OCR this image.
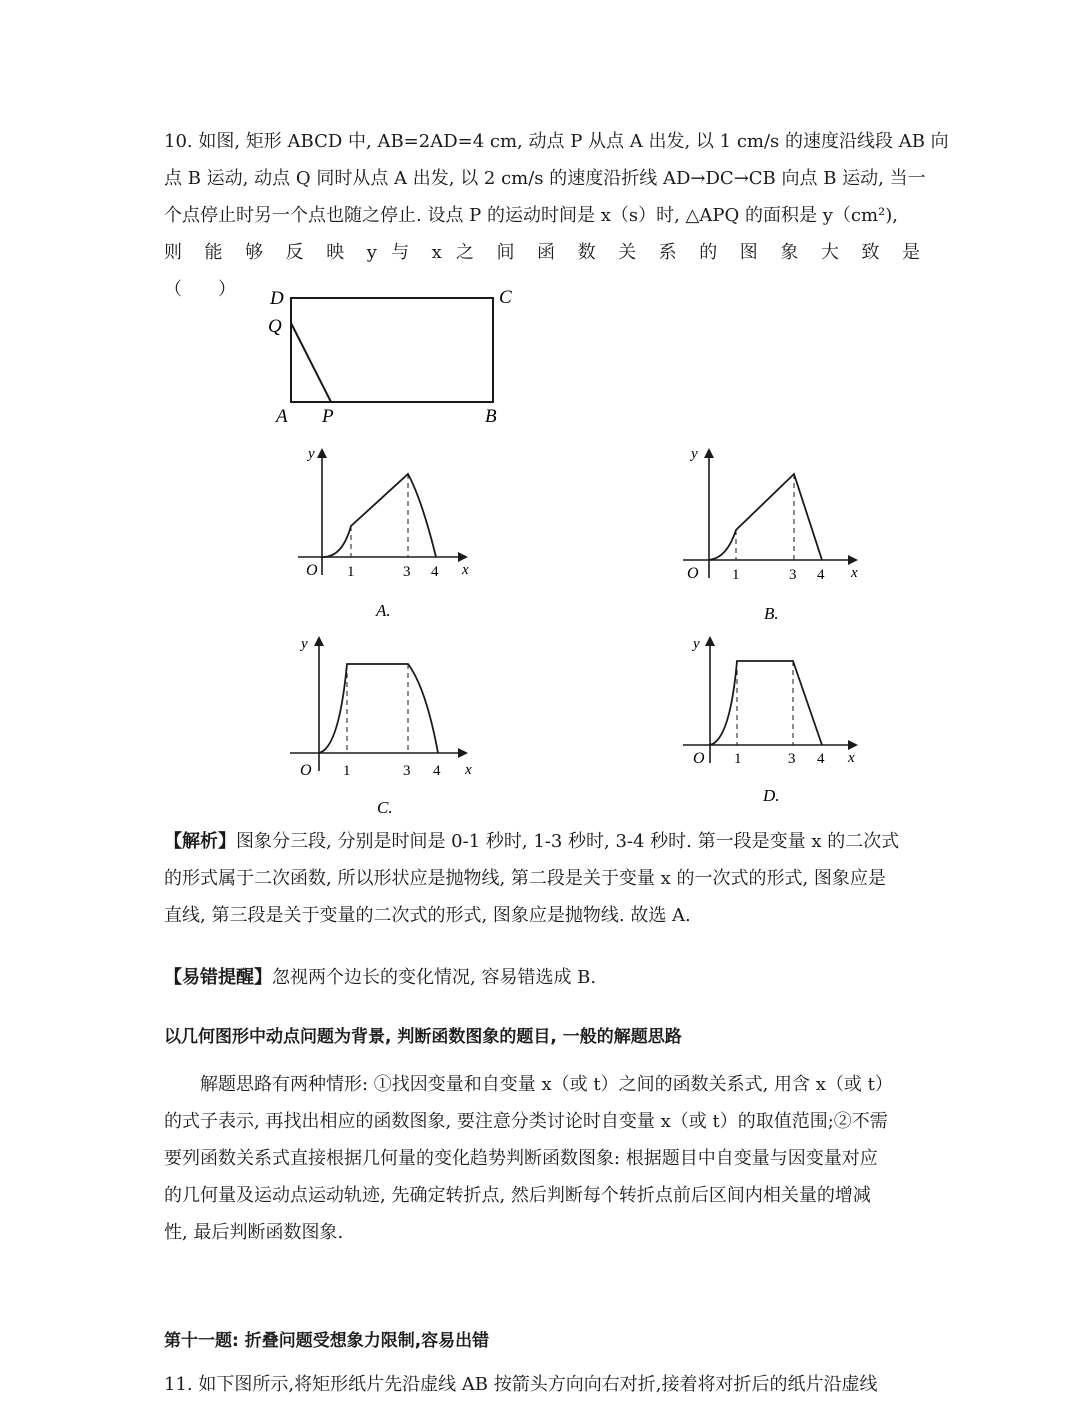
10. 如图, 矩形 ABCD 中, AB=2AD=4 cm, 动点 P 从点 A 出发, 以 1 cm/s 的速度沿线段 AB 向
点 B 运动, 动点 Q 同时从点 A 出发, 以 2 cm/s 的速度沿折线 AD→DC→CB 向点 B 运动, 当一
个点停止时另一个点也随之停止. 设点 P 的运动时间是 x（s）时, △APQ 的面积是 y（cm²),
则 能 够 反 映 y 与 x 之 间 函 数 关 系 的 图 象 大 致 是
（　　）	D	C
Q
A P	B
y
O 1	3 4 x
A.
y
O 1	3 4 x
B.
y
O 1	3 4 x
C.
y
O 1	3 4 x
D.
【解析】图象分三段, 分别是时间是 0-1 秒时, 1-3 秒时, 3-4 秒时. 第一段是变量 x 的二次式
的形式属于二次函数, 所以形状应是抛物线, 第二段是关于变量 x 的一次式的形式, 图象应是
直线, 第三段是关于变量的二次式的形式, 图象应是抛物线. 故选 A.
【易错提醒】忽视两个边长的变化情况, 容易错选成 B.
以几何图形中动点问题为背景, 判断函数图象的题目, 一般的解题思路
解题思路有两种情形: ①找因变量和自变量 x（或 t）之间的函数关系式, 用含 x（或 t）
的式子表示, 再找出相应的函数图象, 要注意分类讨论时自变量 x（或 t）的取值范围;②不需
要列函数关系式直接根据几何量的变化趋势判断函数图象: 根据题目中自变量与因变量对应
的几何量及运动点运动轨迹, 先确定转折点, 然后判断每个转折点前后区间内相关量的增减
性, 最后判断函数图象.
第十一题: 折叠问题受想象力限制,容易出错
11. 如下图所示,将矩形纸片先沿虚线 AB 按箭头方向向右对折,接着将对折后的纸片沿虚线
